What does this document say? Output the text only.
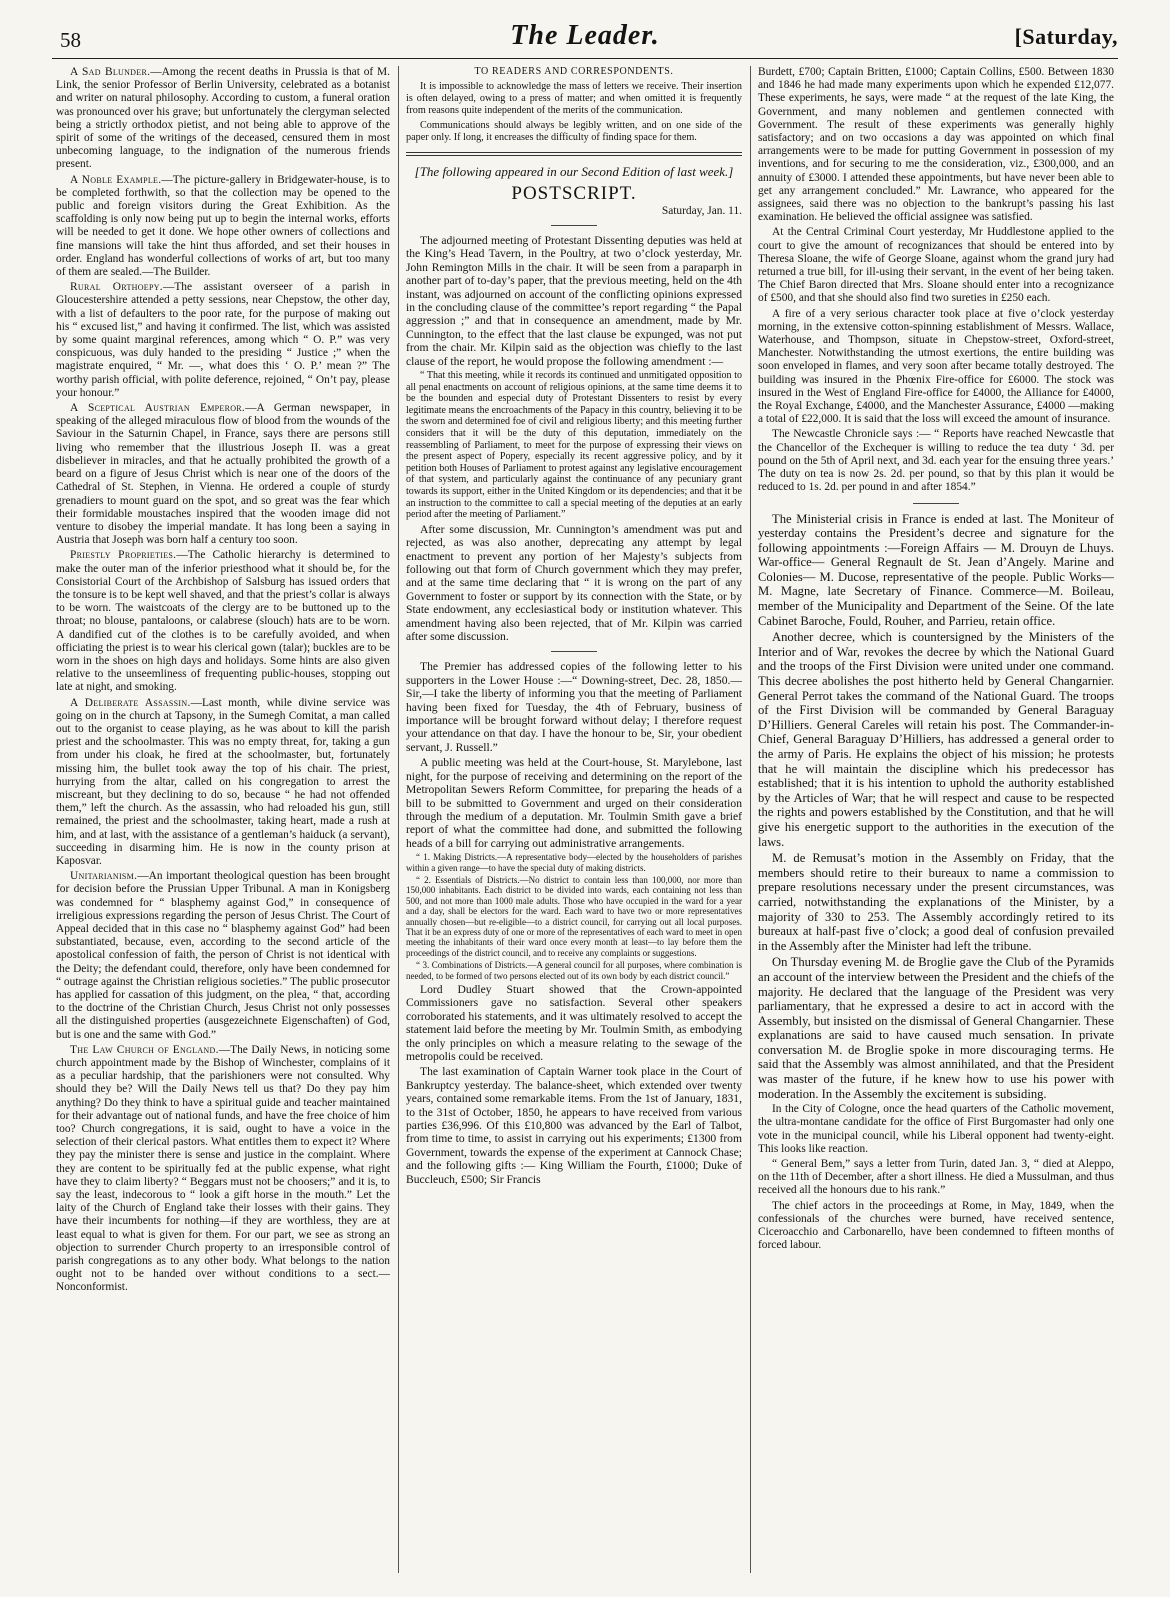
58	The Leader.	[Saturday,

A Sad Blunder.—Among the recent deaths in Prussia is that of M. Link, the senior Professor of Berlin University, celebrated as a botanist and writer on natural philosophy. According to custom, a funeral oration was pronounced over his grave; but unfortunately the clergyman selected being a strictly orthodox pietist, and not being able to approve of the spirit of some of the writings of the deceased, censured them in most unbecoming language, to the indignation of the numerous friends present.

A Noble Example.—The picture-gallery in Bridgewater-house, is to be completed forthwith, so that the collection may be opened to the public and foreign visitors during the Great Exhibition. As the scaffolding is only now being put up to begin the internal works, efforts will be needed to get it done. We hope other owners of collections and fine mansions will take the hint thus afforded, and set their houses in order. England has wonderful collections of works of art, but too many of them are sealed.—The Builder.

Rural Orthoepy.—The assistant overseer of a parish in Gloucestershire attended a petty sessions, near Chepstow, the other day, with a list of defaulters to the poor rate, for the purpose of making out his “ excused list,” and having it confirmed. The list, which was assisted by some quaint marginal references, among which “ O. P.” was very conspicuous, was duly handed to the presiding “ Justice ;” when the magistrate enquired, “ Mr. —, what does this ‘ O. P.’ mean ?” The worthy parish official, with polite deference, rejoined, “ On’t pay, please your honour.”

A Sceptical Austrian Emperor.—A German newspaper, in speaking of the alleged miraculous flow of blood from the wounds of the Saviour in the Saturnin Chapel, in France, says there are persons still living who remember that the illustrious Joseph II. was a great disbeliever in miracles, and that he actually prohibited the growth of a beard on a figure of Jesus Christ which is near one of the doors of the Cathedral of St. Stephen, in Vienna. He ordered a couple of sturdy grenadiers to mount guard on the spot, and so great was the fear which their formidable moustaches inspired that the wooden image did not venture to disobey the imperial mandate. It has long been a saying in Austria that Joseph was born half a century too soon.

Priestly Proprieties.—The Catholic hierarchy is determined to make the outer man of the inferior priesthood what it should be, for the Consistorial Court of the Archbishop of Salsburg has issued orders that the tonsure is to be kept well shaved, and that the priest’s collar is always to be worn. The waistcoats of the clergy are to be buttoned up to the throat; no blouse, pantaloons, or calabrese (slouch) hats are to be worn. A dandified cut of the clothes is to be carefully avoided, and when officiating the priest is to wear his clerical gown (talar); buckles are to be worn in the shoes on high days and holidays. Some hints are also given relative to the unseemliness of frequenting public-houses, stopping out late at night, and smoking.

A Deliberate Assassin.—Last month, while divine service was going on in the church at Tapsony, in the Sumegh Comitat, a man called out to the organist to cease playing, as he was about to kill the parish priest and the schoolmaster. This was no empty threat, for, taking a gun from under his cloak, he fired at the schoolmaster, but, fortunately missing him, the bullet took away the top of his chair. The priest, hurrying from the altar, called on his congregation to arrest the miscreant, but they declining to do so, because “ he had not offended them,” left the church. As the assassin, who had reloaded his gun, still remained, the priest and the schoolmaster, taking heart, made a rush at him, and at last, with the assistance of a gentleman’s haiduck (a servant), succeeding in disarming him. He is now in the county prison at Kaposvar.

Unitarianism.—An important theological question has been brought for decision before the Prussian Upper Tribunal. A man in Konigsberg was condemned for “ blasphemy against God,” in consequence of irreligious expressions regarding the person of Jesus Christ. The Court of Appeal decided that in this case no “ blasphemy against God” had been substantiated, because, even, according to the second article of the apostolical confession of faith, the person of Christ is not identical with the Deity; the defendant could, therefore, only have been condemned for “ outrage against the Christian religious societies.” The public prosecutor has applied for cassation of this judgment, on the plea, “ that, according to the doctrine of the Christian Church, Jesus Christ not only possesses all the distinguished properties (ausgezeichnete Eigenschaften) of God, but is one and the same with God.”

The Law Church of England.—The Daily News, in noticing some church appointment made by the Bishop of Winchester, complains of it as a peculiar hardship, that the parishioners were not consulted. Why should they be? Will the Daily News tell us that? Do they pay him anything? Do they think to have a spiritual guide and teacher maintained for their advantage out of national funds, and have the free choice of him too? Church congregations, it is said, ought to have a voice in the selection of their clerical pastors. What entitles them to expect it? Where they pay the minister there is sense and justice in the complaint. Where they are content to be spiritually fed at the public expense, what right have they to claim liberty? “ Beggars must not be choosers;” and it is, to say the least, indecorous to “ look a gift horse in the mouth.” Let the laity of the Church of England take their losses with their gains. They have their incumbents for nothing—if they are worthless, they are at least equal to what is given for them. For our part, we see as strong an objection to surrender Church property to an irresponsible control of parish congregations as to any other body. What belongs to the nation ought not to be handed over without conditions to a sect.—Nonconformist.

TO READERS AND CORRESPONDENTS.

It is impossible to acknowledge the mass of letters we receive. Their insertion is often delayed, owing to a press of matter; and when omitted it is frequently from reasons quite independent of the merits of the communication.

Communications should always be legibly written, and on one side of the paper only. If long, it encreases the difficulty of finding space for them.

[The following appeared in our Second Edition of last week.]
POSTSCRIPT.
Saturday, Jan. 11.

The adjourned meeting of Protestant Dissenting deputies was held at the King’s Head Tavern, in the Poultry, at two o’clock yesterday, Mr. John Remington Mills in the chair. It will be seen from a paraparph in another part of to-day’s paper, that the previous meeting, held on the 4th instant, was adjourned on account of the conflicting opinions expressed in the concluding clause of the committee’s report regarding “ the Papal aggression ;” and that in consequence an amendment, made by Mr. Cunnington, to the effect that the last clause be expunged, was not put from the chair. Mr. Kilpin said as the objection was chiefly to the last clause of the report, he would propose the following amendment :—

“ That this meeting, while it records its continued and unmitigated opposition to all penal enactments on account of religious opinions, at the same time deems it to be the bounden and especial duty of Protestant Dissenters to resist by every legitimate means the encroachments of the Papacy in this country, believing it to be the sworn and determined foe of civil and religious liberty; and this meeting further considers that it will be the duty of this deputation, immediately on the reassembling of Parliament, to meet for the purpose of expressing their views on the present aspect of Popery, especially its recent aggressive policy, and by it petition both Houses of Parliament to protest against any legislative encouragement of that system, and particularly against the continuance of any pecuniary grant towards its support, either in the United Kingdom or its dependencies; and that it be an instruction to the committee to call a special meeting of the deputies at an early period after the meeting of Parliament.”

After some discussion, Mr. Cunnington’s amendment was put and rejected, as was also another, deprecating any attempt by legal enactment to prevent any portion of her Majesty’s subjects from following out that form of Church government which they may prefer, and at the same time declaring that “ it is wrong on the part of any Government to foster or support by its connection with the State, or by State endowment, any ecclesiastical body or institution whatever. This amendment having also been rejected, that of Mr. Kilpin was carried after some discussion.

The Premier has addressed copies of the following letter to his supporters in the Lower House :—“ Downing-street, Dec. 28, 1850.—Sir,—I take the liberty of informing you that the meeting of Parliament having been fixed for Tuesday, the 4th of February, business of importance will be brought forward without delay; I therefore request your attendance on that day. I have the honour to be, Sir, your obedient servant, J. Russell.”

A public meeting was held at the Court-house, St. Marylebone, last night, for the purpose of receiving and determining on the report of the Metropolitan Sewers Reform Committee, for preparing the heads of a bill to be submitted to Government and urged on their consideration through the medium of a deputation. Mr. Toulmin Smith gave a brief report of what the committee had done, and submitted the following heads of a bill for carrying out administrative arrangements.

“ 1. Making Districts.—A representative body—elected by the householders of parishes within a given range—to have the special duty of making districts.

“ 2. Essentials of Districts.—No district to contain less than 100,000, nor more than 150,000 inhabitants. Each district to be divided into wards, each containing not less than 500, and not more than 1000 male adults. Those who have occupied in the ward for a year and a day, shall be electors for the ward. Each ward to have two or more representatives annually chosen—but re-eligible—to a district council, for carrying out all local purposes. That it be an express duty of one or more of the representatives of each ward to meet in open meeting the inhabitants of their ward once every month at least—to lay before them the proceedings of the district council, and to receive any complaints or suggestions.

“ 3. Combinations of Districts.—A general council for all purposes, where combination is needed, to be formed of two persons elected out of its own body by each district council.”

Lord Dudley Stuart showed that the Crown-appointed Commissioners gave no satisfaction. Several other speakers corroborated his statements, and it was ultimately resolved to accept the statement laid before the meeting by Mr. Toulmin Smith, as embodying the only principles on which a measure relating to the sewage of the metropolis could be received.

The last examination of Captain Warner took place in the Court of Bankruptcy yesterday. The balance-sheet, which extended over twenty years, contained some remarkable items. From the 1st of January, 1831, to the 31st of October, 1850, he appears to have received from various parties £36,996. Of this £10,800 was advanced by the Earl of Talbot, from time to time, to assist in carrying out his experiments; £1300 from Government, towards the expense of the experiment at Cannock Chase; and the following gifts :— King William the Fourth, £1000; Duke of Buccleuch, £500; Sir Francis

Burdett, £700; Captain Britten, £1000; Captain Collins, £500. Between 1830 and 1846 he had made many experiments upon which he expended £12,077. These experiments, he says, were made “ at the request of the late King, the Government, and many noblemen and gentlemen connected with Government. The result of these experiments was generally highly satisfactory; and on two occasions a day was appointed on which final arrangements were to be made for putting Government in possession of my inventions, and for securing to me the consideration, viz., £300,000, and an annuity of £3000. I attended these appointments, but have never been able to get any arrangement concluded.” Mr. Lawrance, who appeared for the assignees, said there was no objection to the bankrupt’s passing his last examination. He believed the official assignee was satisfied.

At the Central Criminal Court yesterday, Mr Huddlestone applied to the court to give the amount of recognizances that should be entered into by Theresa Sloane, the wife of George Sloane, against whom the grand jury had returned a true bill, for ill-using their servant, in the event of her being taken. The Chief Baron directed that Mrs. Sloane should enter into a recognizance of £500, and that she should also find two sureties in £250 each.

A fire of a very serious character took place at five o’clock yesterday morning, in the extensive cotton-spinning establishment of Messrs. Wallace, Waterhouse, and Thompson, situate in Chepstow-street, Oxford-street, Manchester. Notwithstanding the utmost exertions, the entire building was soon enveloped in flames, and very soon after became totally destroyed. The building was insured in the Phœnix Fire-office for £6000. The stock was insured in the West of England Fire-office for £4000, the Alliance for £4000, the Royal Exchange, £4000, and the Manchester Assurance, £4000 —making a total of £22,000. It is said that the loss will exceed the amount of insurance.

The Newcastle Chronicle says :— “ Reports have reached Newcastle that the Chancellor of the Exchequer is willing to reduce the tea duty ‘ 3d. per pound on the 5th of April next, and 3d. each year for the ensuing three years.’ The duty on tea is now 2s. 2d. per pound, so that by this plan it would be reduced to 1s. 2d. per pound in and after 1854.”

The Ministerial crisis in France is ended at last. The Moniteur of yesterday contains the President’s decree and signature for the following appointments :—Foreign Affairs — M. Drouyn de Lhuys. War-office— General Regnault de St. Jean d’Angely. Marine and Colonies— M. Ducose, representative of the people. Public Works—M. Magne, late Secretary of Finance. Commerce—M. Boileau, member of the Municipality and Department of the Seine. Of the late Cabinet Baroche, Fould, Rouher, and Parrieu, retain office.

Another decree, which is countersigned by the Ministers of the Interior and of War, revokes the decree by which the National Guard and the troops of the First Division were united under one command. This decree abolishes the post hitherto held by General Changarnier. General Perrot takes the command of the National Guard. The troops of the First Division will be commanded by General Baraguay D’Hilliers. General Careles will retain his post. The Commander-in-Chief, General Baraguay D’Hilliers, has addressed a general order to the army of Paris. He explains the object of his mission; he protests that he will maintain the discipline which his predecessor has established; that it is his intention to uphold the authority established by the Articles of War; that he will respect and cause to be respected the rights and powers established by the Constitution, and that he will give his energetic support to the authorities in the execution of the laws.

M. de Remusat’s motion in the Assembly on Friday, that the members should retire to their bureaux to name a commission to prepare resolutions necessary under the present circumstances, was carried, notwithstanding the explanations of the Minister, by a majority of 330 to 253. The Assembly accordingly retired to its bureaux at half-past five o’clock; a good deal of confusion prevailed in the Assembly after the Minister had left the tribune.

On Thursday evening M. de Broglie gave the Club of the Pyramids an account of the interview between the President and the chiefs of the majority. He declared that the language of the President was very parliamentary, that he expressed a desire to act in accord with the Assembly, but insisted on the dismissal of General Changarnier. These explanations are said to have caused much sensation. In private conversation M. de Broglie spoke in more discouraging terms. He said that the Assembly was almost annihilated, and that the President was master of the future, if he knew how to use his power with moderation. In the Assembly the excitement is subsiding.

In the City of Cologne, once the head quarters of the Catholic movement, the ultra-montane candidate for the office of First Burgomaster had only one vote in the municipal council, while his Liberal opponent had twenty-eight. This looks like reaction.

“ General Bem,” says a letter from Turin, dated Jan. 3, “ died at Aleppo, on the 11th of December, after a short illness. He died a Mussulman, and thus received all the honours due to his rank.”

The chief actors in the proceedings at Rome, in May, 1849, when the confessionals of the churches were burned, have received sentence, Ciceroacchio and Carbonarello, have been condemned to fifteen months of forced labour.
